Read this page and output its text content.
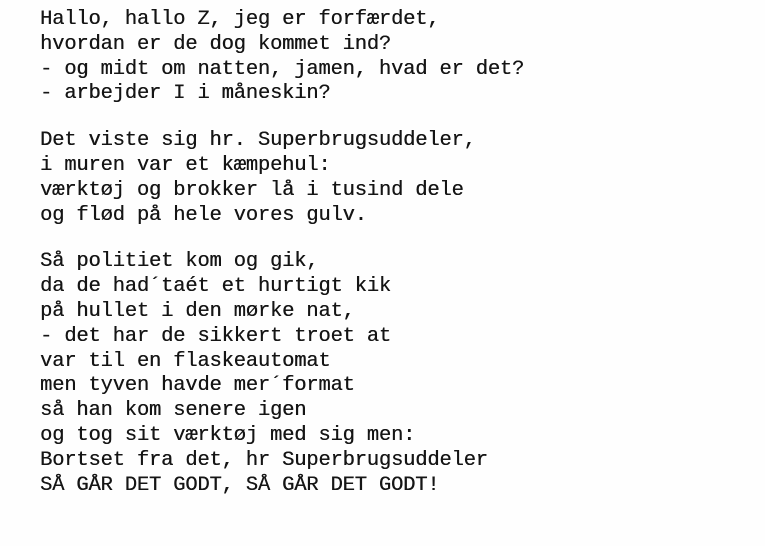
Hallo, hallo Z, jeg er forfærdet,
hvordan er de dog kommet ind?
- og midt om natten, jamen, hvad er det?
- arbejder I i måneskin?
Det viste sig hr. Superbrugsuddeler,
i muren var et kæmpehul:
værktøj og brokker lå i tusind dele
og flød på hele vores gulv.
Så politiet kom og gik,
da de had´taét et hurtigt kik
på hullet i den mørke nat,
- det har de sikkert troet at
var til en flaskeautomat
men tyven havde mer´format
så han kom senere igen
og tog sit værktøj med sig men:
Bortset fra det, hr Superbrugsuddeler
SÅ GÅR DET GODT, SÅ GÅR DET GODT!
